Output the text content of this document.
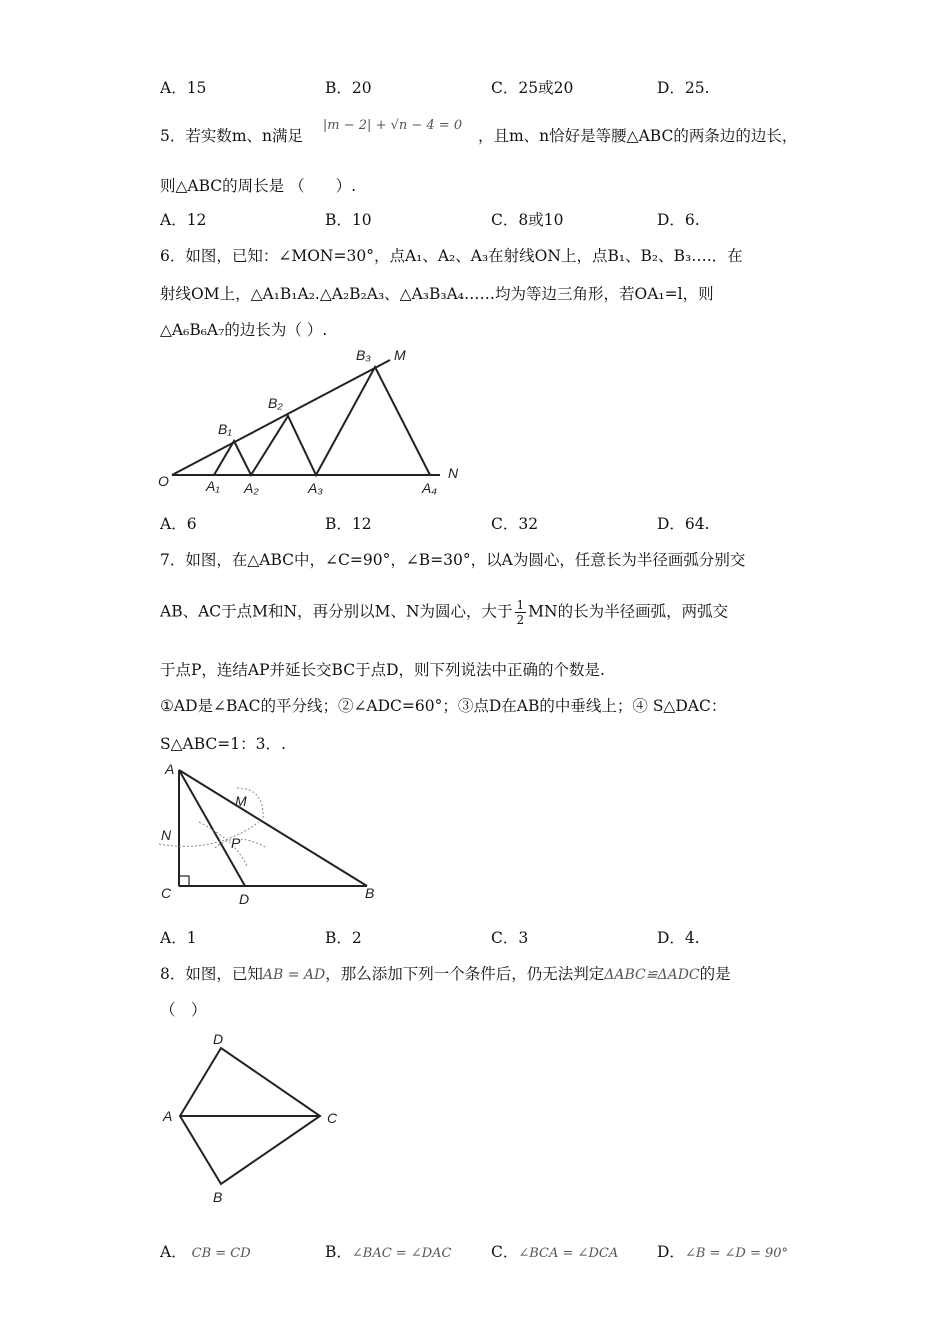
A．15	B．20	C．25或20	D．25.
5．若实数m、n满足  $^{|m - 2| + √n - 4 = 0}$  ，且m、n恰好是等腰△ABC的两条边的边长，
则△ABC的周长是 （　　）.
A．12	B．10	C．8或10	D．6.
6．如图，已知：∠MON=30°，点A₁、A₂、A₃在射线ON上，点B₁、B₂、B₃….．在
射线OM上，△A₁B₁A₂.△A₂B₂A₃、△A₃B₃A₄……均为等边三角形，若OA₁=l，则
△A₆B₆A₇的边长为（ ）.
O	A₁ A₂	A₃	A₄
N
B₁
B₂
B₃ M
A．6	B．12	C．32	D．64.
7．如图，在△ABC中，∠C=90°，∠B=30°，以A为圆心，任意长为半径画弧分别交
AB、AC于点M和N，再分别以M、N为圆心，大于 $\frac{1}{2}$ MN的长为半径画弧，两弧交
于点P，连结AP并延长交BC于点D，则下列说法中正确的个数是.
①AD是∠BAC的平分线；②∠ADC=60°；③点D在AB的中垂线上；④ S△DAC：
S△ABC=1：3．.
A
M
N	P
C	D	B
A．1	B．2	C．3	D．4.
8．如图，已知AB = AD，那么添加下列一个条件后，仍无法判定ΔABC≌ΔADC的是
（　）
D
A	C
B
A． CB = CD	B．∠BAC = ∠DAC	C．∠BCA = ∠DCA	D．∠B = ∠D = 90°
